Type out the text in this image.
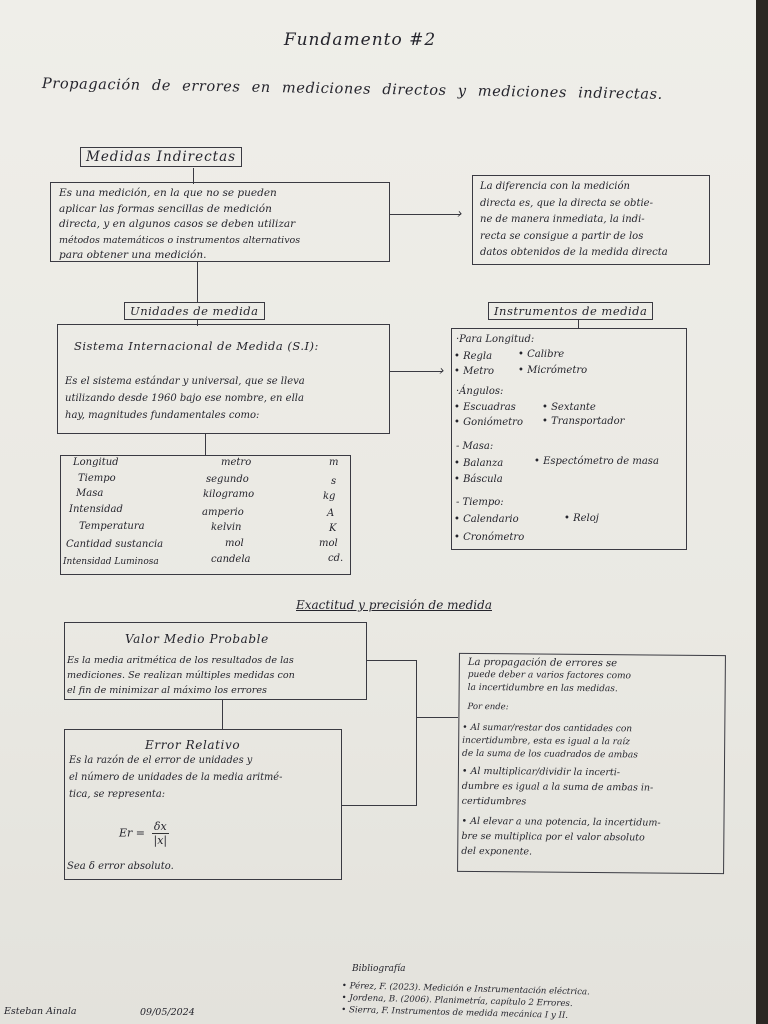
Fundamento #2
Propagación de errores en mediciones directos y mediciones indirectas.
Medidas Indirectas
Es una medición, en la que no se pueden
aplicar las formas sencillas de medición
directa, y en algunos casos se deben utilizar
métodos matemáticos o instrumentos alternativos
para obtener una medición.
›
La diferencia con la medición
directa es, que la directa se obtie-
ne de manera inmediata, la indi-
recta se consigue a partir de los
datos obtenidos de la medida directa
Unidades de medida
Sistema Internacional de Medida (S.I):
Es el sistema estándar y universal, que se lleva
utilizando desde 1960 bajo ese nombre, en ella
hay, magnitudes fundamentales como:
›
Longitud	metro	m
Tiempo	segundo	s
Masa	kilogramo	kg
Intensidad	amperio	A
Temperatura	kelvin	K
Cantidad sustancia	mol	mol
Intensidad Luminosa	candela	cd.
Instrumentos de medida
·Para Longitud:
• Regla	• Calibre
• Metro • Micrómetro
·Ángulos:
• Escuadras	• Sextante
• Goniómetro • Transportador
- Masa:
• Balanza	• Espectómetro de masa
• Báscula
- Tiempo:
• Calendario	• Reloj
• Cronómetro
Exactitud y precisión de medida
Valor Medio Probable
Es la media aritmética de los resultados de las
mediciones. Se realizan múltiples medidas con
el fin de minimizar al máximo los errores
Error Relativo
Es la razón de el error de unidades y
el número de unidades de la media aritmé-
tica, se representa:
$Er = \frac{\delta x}{|x|}$
Sea δ error absoluto.
La propagación de errores se
puede deber a varios factores como
la incertidumbre en las medidas.
Por ende:
• Al sumar/restar dos cantidades con
incertidumbre, esta es igual a la raíz
de la suma de los cuadrados de ambas
• Al multiplicar/dividir la incerti-
dumbre es igual a la suma de ambas in-
certidumbres
• Al elevar a una potencia, la incertidum-
bre se multiplica por el valor absoluto
del exponente.
Bibliografía
• Pérez, F. (2023). Medición e Instrumentación eléctrica.
• Jordena, B. (2006). Planimetría, capítulo 2 Errores.
• Sierra, F. Instrumentos de medida mecánica I y II.
Esteban Ainala	09/05/2024
